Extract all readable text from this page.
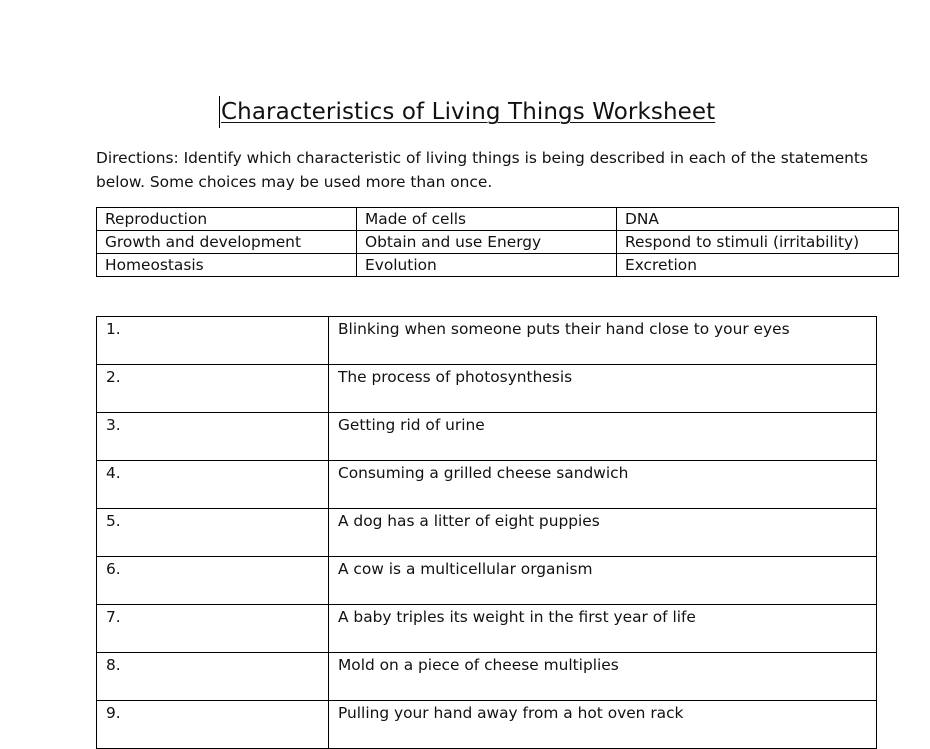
Characteristics of Living Things Worksheet
Directions: Identify which characteristic of living things is being described in each of the statements below. Some choices may be used more than once.
Reproduction	Made of cells	DNA
Growth and development	Obtain and use Energy	Respond to stimuli (irritability)
Homeostasis	Evolution	Excretion
1.	Blinking when someone puts their hand close to your eyes
2.	The process of photosynthesis
3.	Getting rid of urine
4.	Consuming a grilled cheese sandwich
5.	A dog has a litter of eight puppies
6.	A cow is a multicellular organism
7.	A baby triples its weight in the first year of life
8.	Mold on a piece of cheese multiplies
9.	Pulling your hand away from a hot oven rack
